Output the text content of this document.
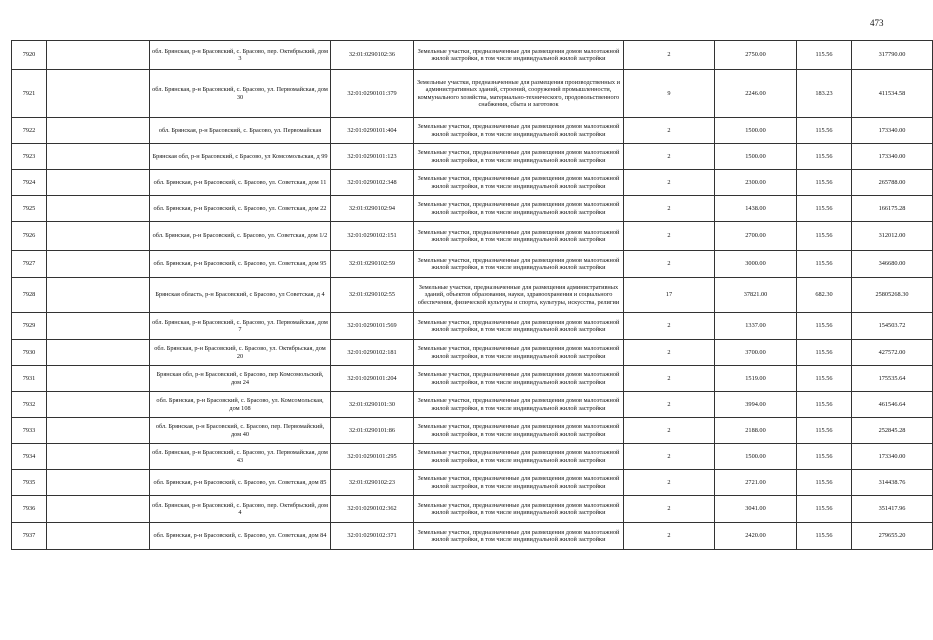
473
7920		обл. Брянская, р-н Брасовский, с. Брасово, пер. Октябрьский, дом 3	32:01:0290102:36	Земельные участки, предназначенные для размещения домов малоэтажной жилой застройки, в том числе индивидуальной жилой застройки	2	2750.00	115.56	317790.00
7921		обл. Брянская, р-н Брасовский, с. Брасово, ул. Первомайская, дом 30	32:01:0290101:379	Земельные участки, предназначенные для размещения производственных и административных зданий, строений, сооружений промышленности, коммунального хозяйства, материально-технического, продовольственного снабжения, сбыта и заготовок	9	2246.00	183.23	411534.58
7922		обл. Брянская, р-н Брасовский, с. Брасово, ул. Первомайская	32:01:0290101:404	Земельные участки, предназначенные для размещения домов малоэтажной жилой застройки, в том числе индивидуальной жилой застройки	2	1500.00	115.56	173340.00
7923		Брянская обл, р-н Брасовский, с Брасово, ул Комсомольская, д 99	32:01:0290101:123	Земельные участки, предназначенные для размещения домов малоэтажной жилой застройки, в том числе индивидуальной жилой застройки	2	1500.00	115.56	173340.00
7924		обл. Брянская, р-н Брасовский, с. Брасово, ул. Советская, дом 11	32:01:0290102:348	Земельные участки, предназначенные для размещения домов малоэтажной жилой застройки, в том числе индивидуальной жилой застройки	2	2300.00	115.56	265788.00
7925		обл. Брянская, р-н Брасовский, с. Брасово, ул. Советская, дом 22	32:01:0290102:94	Земельные участки, предназначенные для размещения домов малоэтажной жилой застройки, в том числе индивидуальной жилой застройки	2	1438.00	115.56	166175.28
7926		обл. Брянская, р-н Брасовский, с. Брасово, ул. Советская, дом 1/2	32:01:0290102:151	Земельные участки, предназначенные для размещения домов малоэтажной жилой застройки, в том числе индивидуальной жилой застройки	2	2700.00	115.56	312012.00
7927		обл. Брянская, р-н Брасовский, с. Брасово, ул. Советская, дом 95	32:01:0290102:59	Земельные участки, предназначенные для размещения домов малоэтажной жилой застройки, в том числе индивидуальной жилой застройки	2	3000.00	115.56	346680.00
7928		Брянская область, р-н Брасовский, с Брасово, ул Советская, д 4	32:01:0290102:55	Земельные участки, предназначенные для размещения административных зданий, объектов образования, науки, здравоохранения и социального обеспечения, физической культуры и спорта, культуры, искусства, религии	17	37821.00	682.30	25805268.30
7929		обл. Брянская, р-н Брасовский, с. Брасово, ул. Первомайская, дом 7	32:01:0290101:569	Земельные участки, предназначенные для размещения домов малоэтажной жилой застройки, в том числе индивидуальной жилой застройки	2	1337.00	115.56	154503.72
7930		обл. Брянская, р-н Брасовский, с. Брасово, ул. Октябрьская, дом 20	32:01:0290102:181	Земельные участки, предназначенные для размещения домов малоэтажной жилой застройки, в том числе индивидуальной жилой застройки	2	3700.00	115.56	427572.00
7931		Брянская обл, р-н Брасовский, с Брасово, пер Комсомольский, дом 24	32:01:0290101:204	Земельные участки, предназначенные для размещения домов малоэтажной жилой застройки, в том числе индивидуальной жилой застройки	2	1519.00	115.56	175535.64
7932		обл. Брянская, р-н Брасовский, с. Брасово, ул. Комсомольская, дом 108	32:01:0290101:30	Земельные участки, предназначенные для размещения домов малоэтажной жилой застройки, в том числе индивидуальной жилой застройки	2	3994.00	115.56	461546.64
7933		обл. Брянская, р-н Брасовский, с. Брасово, пер. Первомайский, дом 40	32:01:0290101:86	Земельные участки, предназначенные для размещения домов малоэтажной жилой застройки, в том числе индивидуальной жилой застройки	2	2188.00	115.56	252845.28
7934		обл. Брянская, р-н Брасовский, с. Брасово, ул. Первомайская, дом 43	32:01:0290101:295	Земельные участки, предназначенные для размещения домов малоэтажной жилой застройки, в том числе индивидуальной жилой застройки	2	1500.00	115.56	173340.00
7935		обл. Брянская, р-н Брасовский, с. Брасово, ул. Советская, дом 85	32:01:0290102:23	Земельные участки, предназначенные для размещения домов малоэтажной жилой застройки, в том числе индивидуальной жилой застройки	2	2721.00	115.56	314438.76
7936		обл. Брянская, р-н Брасовский, с. Брасово, пер. Октябрьский, дом 4	32:01:0290102:362	Земельные участки, предназначенные для размещения домов малоэтажной жилой застройки, в том числе индивидуальной жилой застройки	2	3041.00	115.56	351417.96
7937		обл. Брянская, р-н Брасовский, с. Брасово, ул. Советская, дом 84	32:01:0290102:371	Земельные участки, предназначенные для размещения домов малоэтажной жилой застройки, в том числе индивидуальной жилой застройки	2	2420.00	115.56	279655.20
